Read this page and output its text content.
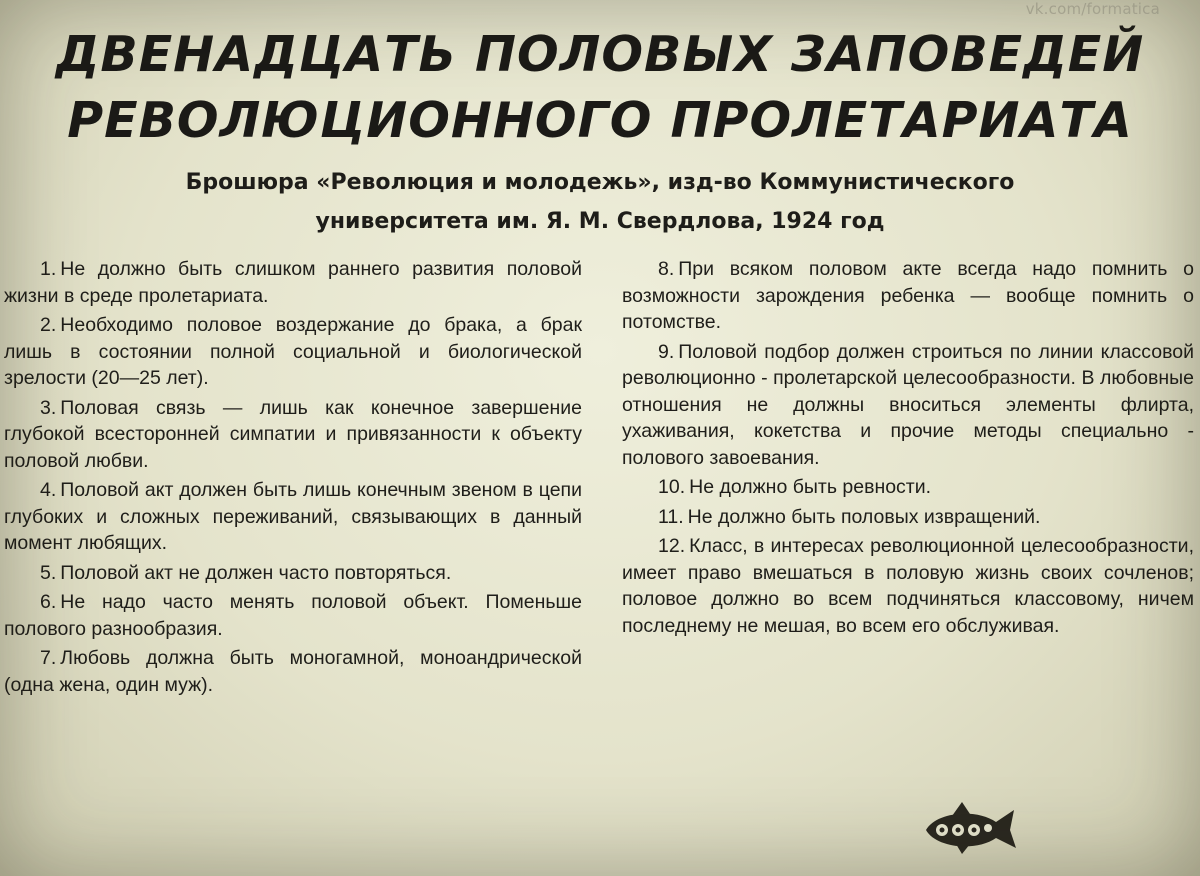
vk.com/formatica
ДВЕНАДЦАТЬ ПОЛОВЫХ ЗАПОВЕДЕЙ
РЕВОЛЮЦИОННОГО ПРОЛЕТАРИАТА
Брошюра «Революция и молодежь», изд-во Коммунистического
университета им. Я. М. Свердлова, 1924 год

1. Не должно быть слишком раннего развития половой жизни в среде пролетариата.

2. Необходимо половое воздержание до брака, а брак лишь в состоянии полной социальной и биологической зрелости (20—25 лет).

3. Половая связь — лишь как конечное завершение глубокой всесторонней симпатии и привязанности к объекту половой любви.

4. Половой акт должен быть лишь конечным звеном в цепи глубоких и сложных переживаний, связывающих в данный момент любящих.

5. Половой акт не должен часто повторяться.

6. Не надо часто менять половой объект. Поменьше полового разнообразия.

7. Любовь должна быть моногамной, моноандрической (одна жена, один муж).

8. При всяком половом акте всегда надо помнить о возможности зарождения ребенка — вообще помнить о потомстве.

9. Половой подбор должен строиться по линии классовой революционно - пролетарской целесообразности. В любовные отношения не должны вноситься элементы флирта, ухаживания, кокетства и прочие методы специально - полового завоевания.

10. Не должно быть ревности.

11. Не должно быть половых извращений.

12. Класс, в интересах революционной целесообразности, имеет право вмешаться в половую жизнь своих сочленов; половое должно во всем подчиняться классовому, ничем последнему не мешая, во всем его обслуживая.
